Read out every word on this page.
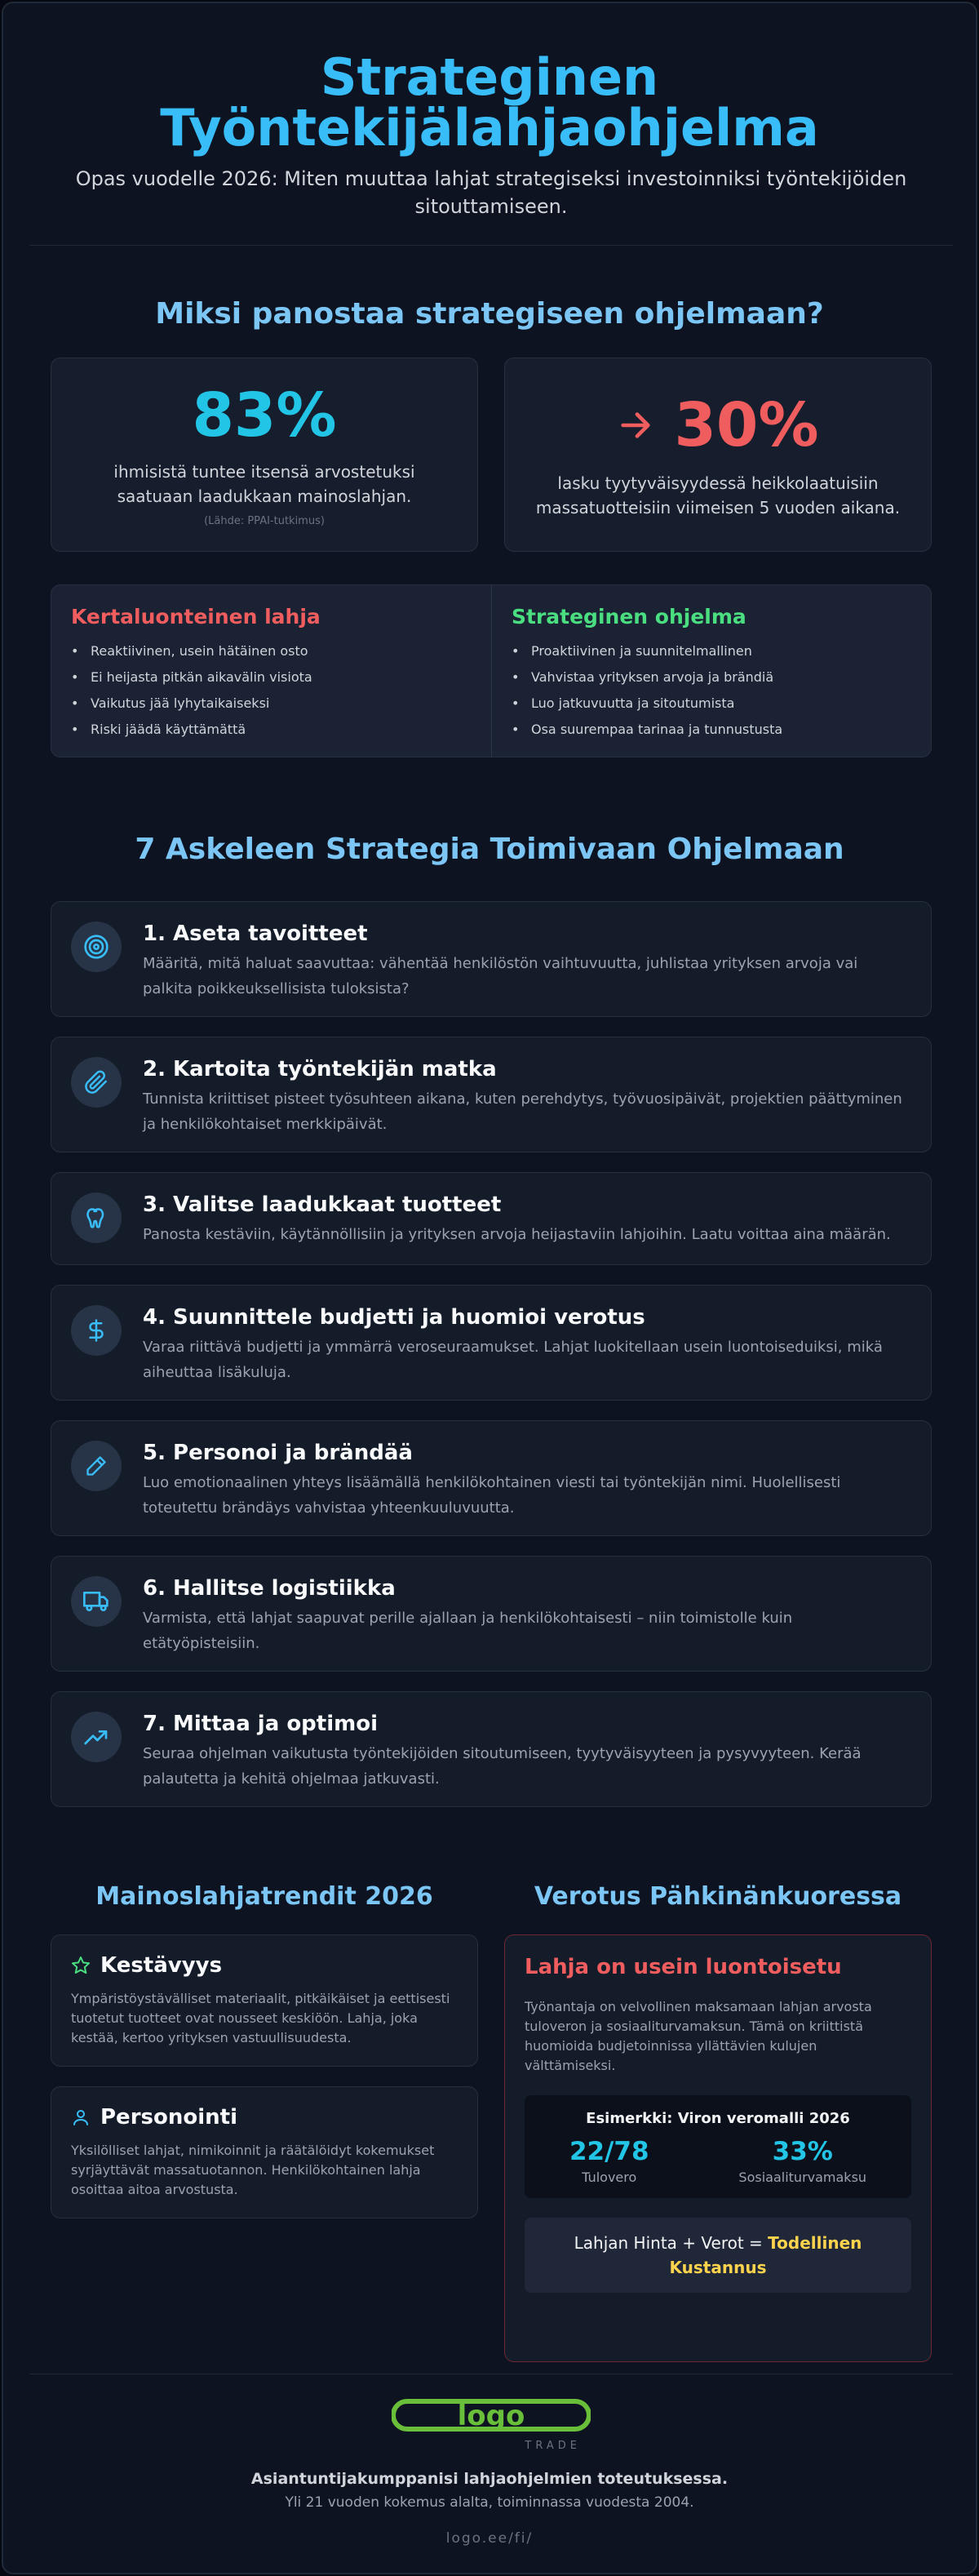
Strateginen
Työntekijälahjaohjelma

Opas vuodelle 2026: Miten muuttaa lahjat strategiseksi investoinniksi työntekijöiden sitouttamiseen.

Miksi panostaa strategiseen ohjelmaan?
83%
ihmisistä tuntee itsensä arvostetuksi saatuaan laadukkaan mainoslahjan.
(Lähde: PPAI-tutkimus)
30%
lasku tyytyväisyydessä heikkolaatuisiin massatuotteisiin viimeisen 5 vuoden aikana.
Kertaluonteinen lahja
• Reaktiivinen, usein hätäinen osto
• Ei heijasta pitkän aikavälin visiota
• Vaikutus jää lyhytaikaiseksi
• Riski jäädä käyttämättä
Strateginen ohjelma
• Proaktiivinen ja suunnitelmallinen
• Vahvistaa yrityksen arvoja ja brändiä
• Luo jatkuvuutta ja sitoutumista
• Osa suurempaa tarinaa ja tunnustusta
7 Askeleen Strategia Toimivaan Ohjelmaan
1. Aseta tavoitteet
Määritä, mitä haluat saavuttaa: vähentää henkilöstön vaihtuvuutta, juhlistaa yrityksen arvoja vai palkita poikkeuksellisista tuloksista?
2. Kartoita työntekijän matka
Tunnista kriittiset pisteet työsuhteen aikana, kuten perehdytys, työvuosipäivät, projektien päättyminen ja henkilökohtaiset merkkipäivät.
3. Valitse laadukkaat tuotteet
Panosta kestäviin, käytännöllisiin ja yrityksen arvoja heijastaviin lahjoihin. Laatu voittaa aina määrän.
4. Suunnittele budjetti ja huomioi verotus
Varaa riittävä budjetti ja ymmärrä veroseuraamukset. Lahjat luokitellaan usein luontoiseduiksi, mikä aiheuttaa lisäkuluja.
5. Personoi ja brändää
Luo emotionaalinen yhteys lisäämällä henkilökohtainen viesti tai työntekijän nimi. Huolellisesti toteutettu brändäys vahvistaa yhteenkuuluvuutta.
6. Hallitse logistiikka
Varmista, että lahjat saapuvat perille ajallaan ja henkilökohtaisesti – niin toimistolle kuin etätyöpisteisiin.
7. Mittaa ja optimoi
Seuraa ohjelman vaikutusta työntekijöiden sitoutumiseen, tyytyväisyyteen ja pysyvyyteen. Kerää palautetta ja kehitä ohjelmaa jatkuvasti.
Mainoslahjatrendit 2026
Kestävyys
Ympäristöystävälliset materiaalit, pitkäikäiset ja eettisesti tuotetut tuotteet ovat nousseet keskiöön. Lahja, joka kestää, kertoo yrityksen vastuullisuudesta.
Personointi
Yksilölliset lahjat, nimikoinnit ja räätälöidyt kokemukset syrjäyttävät massatuotannon. Henkilökohtainen lahja osoittaa aitoa arvostusta.
Verotus Pähkinänkuoressa
Lahja on usein luontoisetu
Työnantaja on velvollinen maksamaan lahjan arvosta tuloveron ja sosiaaliturvamaksun. Tämä on kriittistä huomioida budjetoinnissa yllättävien kulujen välttämiseksi.
Esimerkki: Viron veromalli 2026
22/78
Tulovero
33%
Sosiaaliturvamaksu
Lahjan Hinta + Verot = Todellinen Kustannus
logo
TRADE
Asiantuntijakumppanisi lahjaohjelmien toteutuksessa.
Yli 21 vuoden kokemus alalta, toiminnassa vuodesta 2004.
logo.ee/fi/
